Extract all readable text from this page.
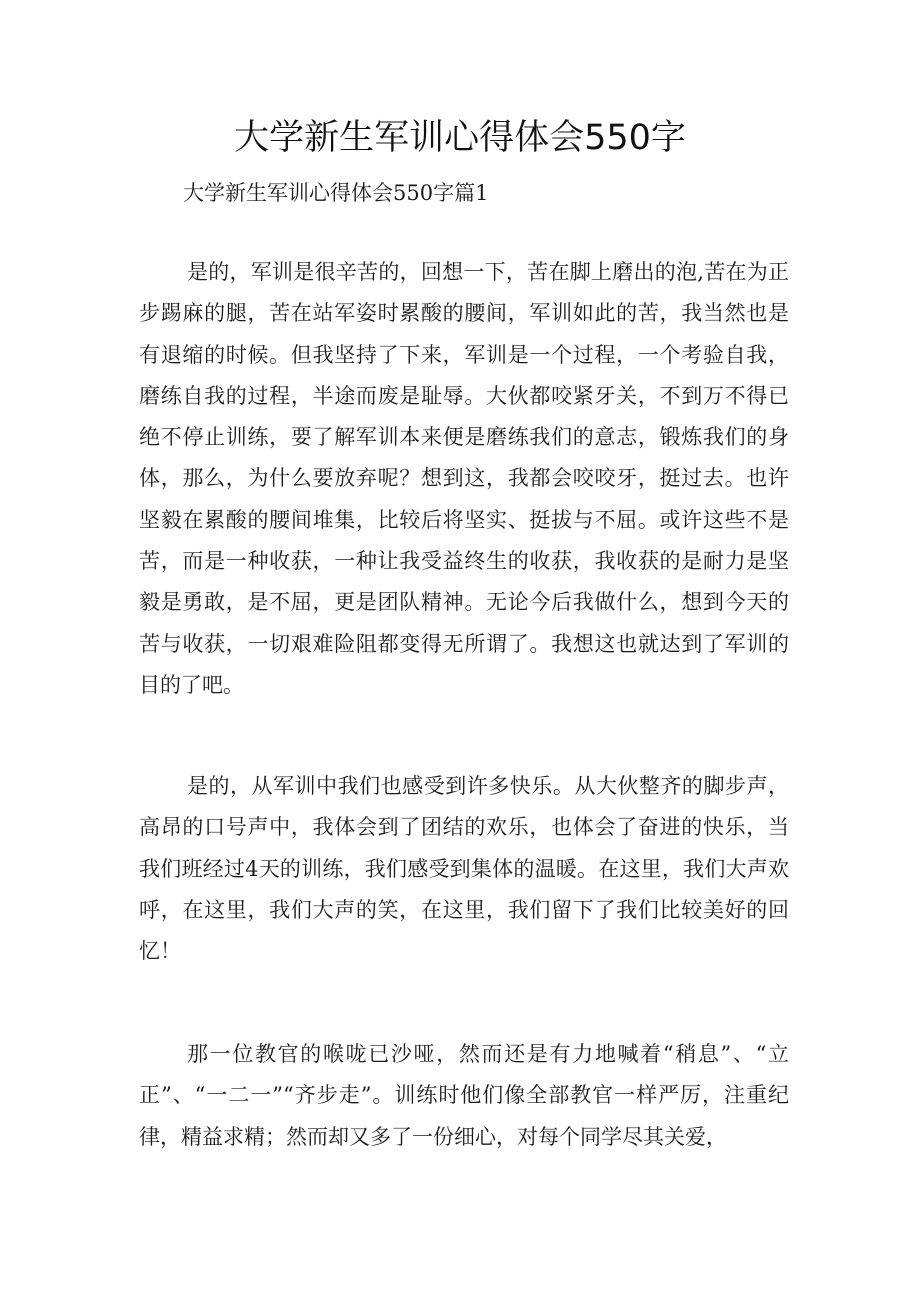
大学新生军训心得体会550字

大学新生军训心得体会550字篇1

是的，军训是很辛苦的，回想一下，苦在脚上磨出的泡,苦在为正步踢麻的腿，苦在站军姿时累酸的腰间，军训如此的苦，我当然也是有退缩的时候。但我坚持了下来，军训是一个过程，一个考验自我，磨练自我的过程，半途而废是耻辱。大伙都咬紧牙关，不到万不得已绝不停止训练，要了解军训本来便是磨练我们的意志，锻炼我们的身体，那么，为什么要放弃呢？想到这，我都会咬咬牙，挺过去。也许坚毅在累酸的腰间堆集，比较后将坚实、挺拔与不屈。或许这些不是苦，而是一种收获，一种让我受益终生的收获，我收获的是耐力是坚毅是勇敢，是不屈，更是团队精神。无论今后我做什么，想到今天的苦与收获，一切艰难险阻都变得无所谓了。我想这也就达到了军训的目的了吧。

是的，从军训中我们也感受到许多快乐。从大伙整齐的脚步声，高昂的口号声中，我体会到了团结的欢乐，也体会了奋进的快乐，当我们班经过4天的训练，我们感受到集体的温暖。在这里，我们大声欢呼，在这里，我们大声的笑，在这里，我们留下了我们比较美好的回忆！

那一位教官的喉咙已沙哑，然而还是有力地喊着“稍息”、“立正”、“一二一”“齐步走”。训练时他们像全部教官一样严厉，注重纪律，精益求精；然而却又多了一份细心，对每个同学尽其关爱，
